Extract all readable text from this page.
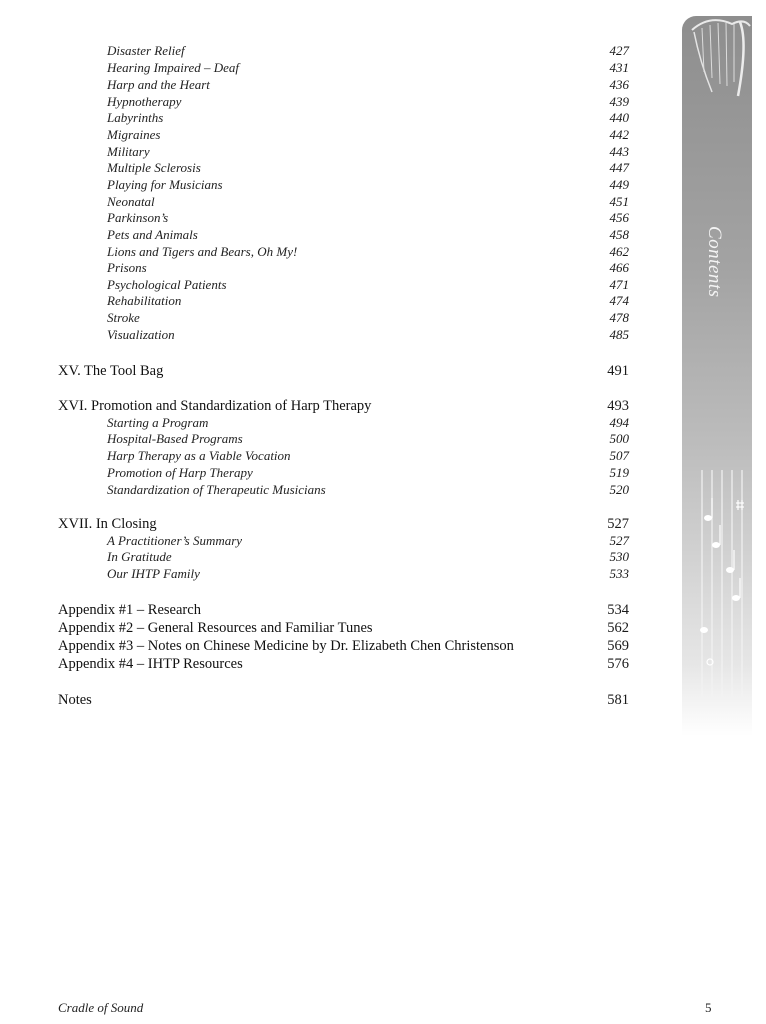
Contents
Disaster Relief	427
Hearing Impaired – Deaf	431
Harp and the Heart	436
Hypnotherapy	439
Labyrinths	440
Migraines	442
Military	443
Multiple Sclerosis	447
Playing for Musicians	449
Neonatal	451
Parkinson’s	456
Pets and Animals	458
Lions and Tigers and Bears, Oh My!	462
Prisons	466
Psychological Patients	471
Rehabilitation	474
Stroke	478
Visualization	485
XV. The Tool Bag	491
XVI. Promotion and Standardization of Harp Therapy	493
Starting a Program	494
Hospital-Based Programs	500
Harp Therapy as a Viable Vocation	507
Promotion of Harp Therapy	519
Standardization of Therapeutic Musicians	520
XVII. In Closing	527
A Practitioner’s Summary	527
In Gratitude	530
Our IHTP Family	533
Appendix #1 – Research	534
Appendix #2 – General Resources and Familiar Tunes	562
Appendix #3 – Notes on Chinese Medicine by Dr. Elizabeth Chen Christenson	569
Appendix #4 – IHTP Resources	576
Notes	581
Cradle of Sound	5
